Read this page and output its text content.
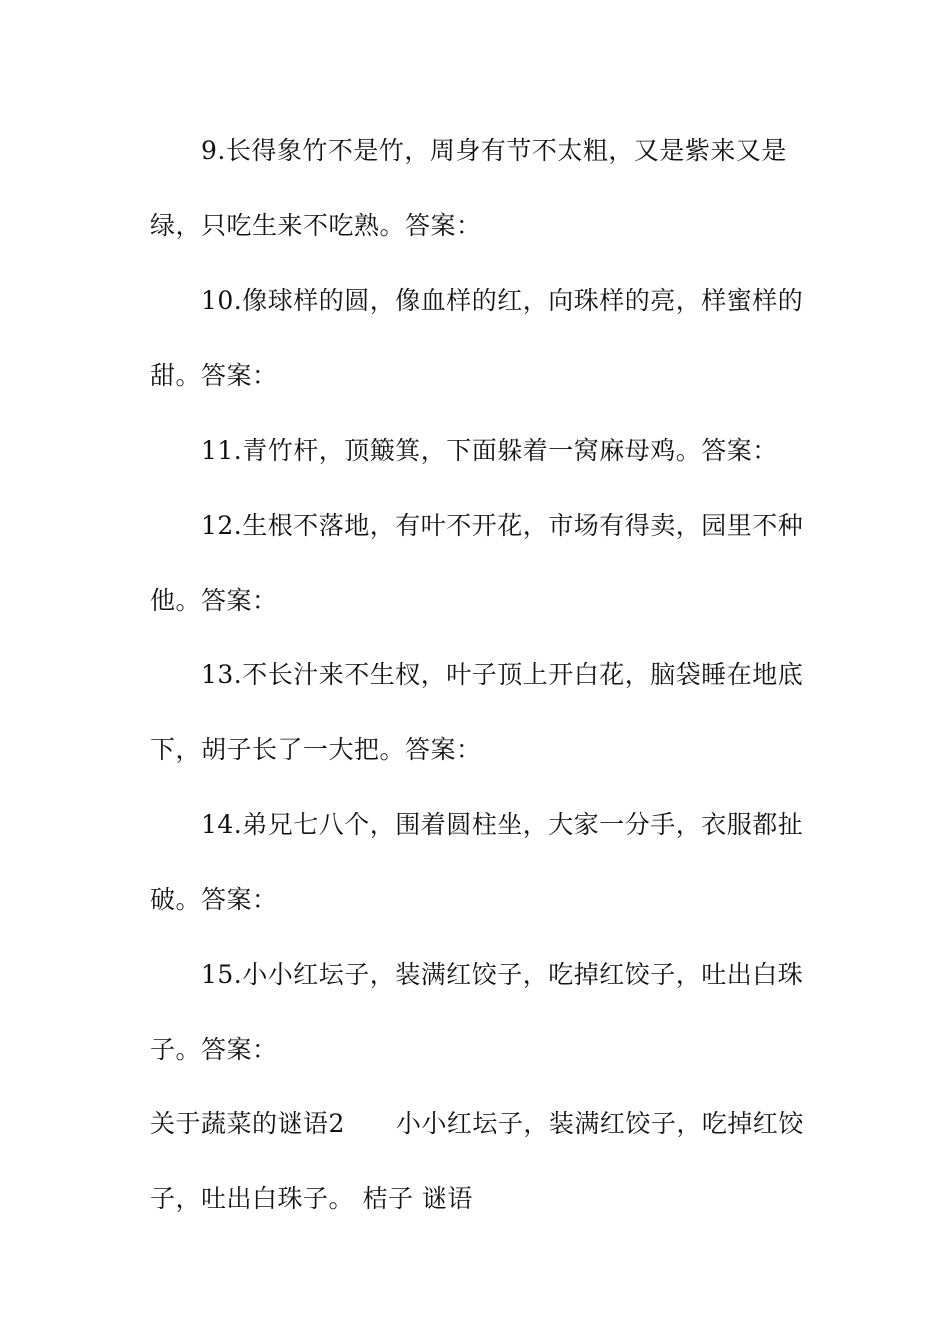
9.长得象竹不是竹，周身有节不太粗，又是紫来又是
绿，只吃生来不吃熟。答案：
10.像球样的圆，像血样的红，向珠样的亮，样蜜样的
甜。答案：
11.青竹杆，顶簸箕，下面躲着一窝麻母鸡。答案：
12.生根不落地，有叶不开花，市场有得卖，园里不种
他。答案：
13.不长汁来不生杈，叶子顶上开白花，脑袋睡在地底
下，胡子长了一大把。答案：
14.弟兄七八个，围着圆柱坐，大家一分手，衣服都扯
破。答案：
15.小小红坛子，装满红饺子，吃掉红饺子，吐出白珠
子。答案：
关于蔬菜的谜语2　　小小红坛子，装满红饺子，吃掉红饺
子，吐出白珠子。 桔子 谜语
